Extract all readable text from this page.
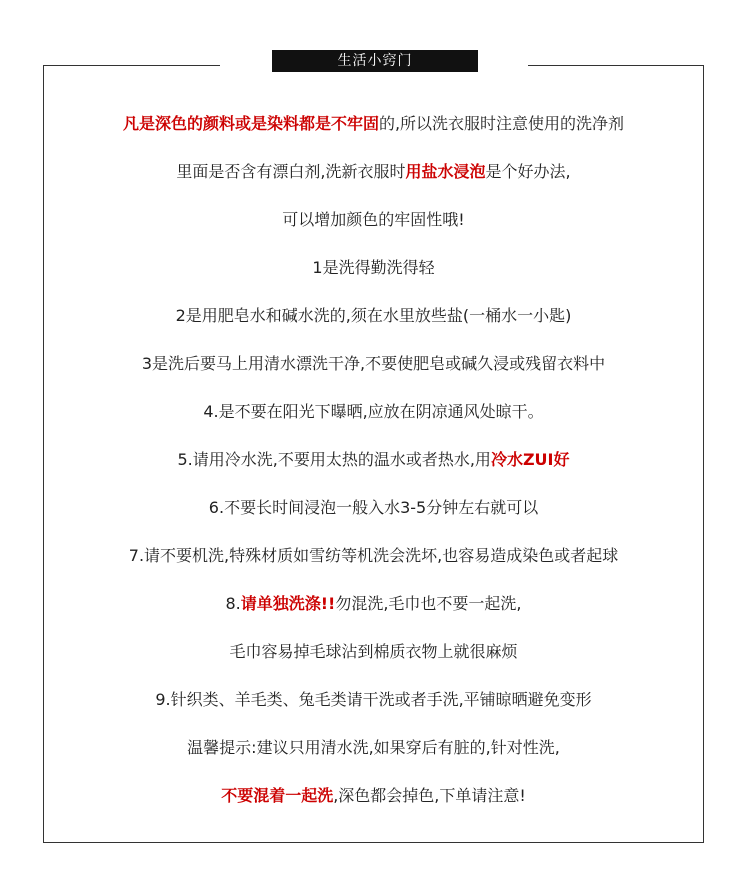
生活小窍门
凡是深色的颜料或是染料都是不牢固的,所以洗衣服时注意使用的洗净剂
里面是否含有漂白剂,洗新衣服时用盐水浸泡是个好办法,
可以增加颜色的牢固性哦!
1是洗得勤洗得轻
2是用肥皂水和碱水洗的,须在水里放些盐(一桶水一小匙)
3是洗后要马上用清水漂洗干净,不要使肥皂或碱久浸或残留衣料中
4.是不要在阳光下曝晒,应放在阴凉通风处晾干。
5.请用冷水洗,不要用太热的温水或者热水,用冷水ZUI好
6.不要长时间浸泡一般入水3-5分钟左右就可以
7.请不要机洗,特殊材质如雪纺等机洗会洗坏,也容易造成染色或者起球
8.请单独洗涤!!勿混洗,毛巾也不要一起洗,
毛巾容易掉毛球沾到棉质衣物上就很麻烦
9.针织类、羊毛类、兔毛类请干洗或者手洗,平铺晾晒避免变形
温馨提示:建议只用清水洗,如果穿后有脏的,针对性洗,
不要混着一起洗,深色都会掉色,下单请注意!
